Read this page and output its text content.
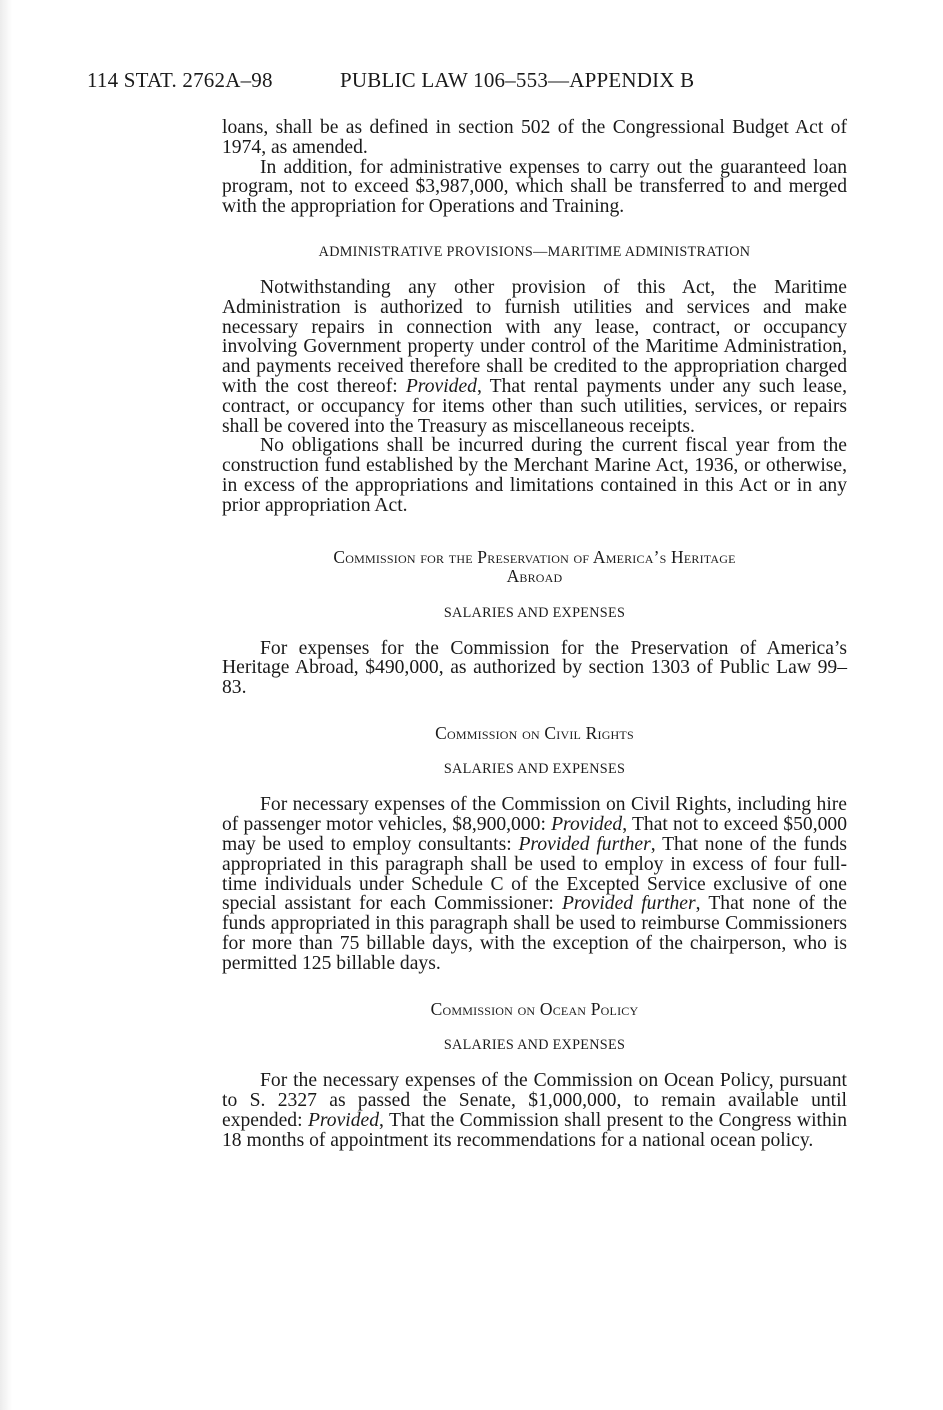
114 STAT. 2762A–98	PUBLIC LAW 106–553—APPENDIX B

loans, shall be as defined in section 502 of the Congressional Budget Act of 1974, as amended.

In addition, for administrative expenses to carry out the guaranteed loan program, not to exceed $3,987,000, which shall be transferred to and merged with the appropriation for Operations and Training.

ADMINISTRATIVE PROVISIONS—MARITIME ADMINISTRATION

Notwithstanding any other provision of this Act, the Maritime Administration is authorized to furnish utilities and services and make necessary repairs in connection with any lease, contract, or occupancy involving Government property under control of the Maritime Administration, and payments received therefore shall be credited to the appropriation charged with the cost thereof: Provided, That rental payments under any such lease, contract, or occupancy for items other than such utilities, services, or repairs shall be covered into the Treasury as miscellaneous receipts.

No obligations shall be incurred during the current fiscal year from the construction fund established by the Merchant Marine Act, 1936, or otherwise, in excess of the appropriations and limitations contained in this Act or in any prior appropriation Act.

Commission for the Preservation of America’s Heritage
Abroad
SALARIES AND EXPENSES

For expenses for the Commission for the Preservation of America’s Heritage Abroad, $490,000, as authorized by section 1303 of Public Law 99–83.

Commission on Civil Rights
SALARIES AND EXPENSES

For necessary expenses of the Commission on Civil Rights, including hire of passenger motor vehicles, $8,900,000: Provided, That not to exceed $50,000 may be used to employ consultants: Provided further, That none of the funds appropriated in this paragraph shall be used to employ in excess of four full-time individuals under Schedule C of the Excepted Service exclusive of one special assistant for each Commissioner: Provided further, That none of the funds appropriated in this paragraph shall be used to reimburse Commissioners for more than 75 billable days, with the exception of the chairperson, who is permitted 125 billable days.

Commission on Ocean Policy
SALARIES AND EXPENSES

For the necessary expenses of the Commission on Ocean Policy, pursuant to S. 2327 as passed the Senate, $1,000,000, to remain available until expended: Provided, That the Commission shall present to the Congress within 18 months of appointment its recommendations for a national ocean policy.
